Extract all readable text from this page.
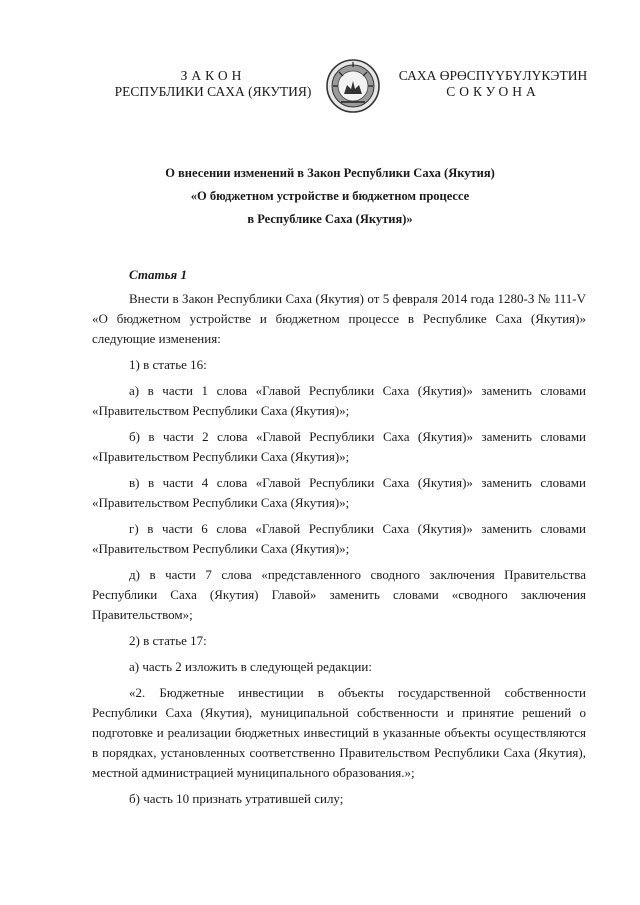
ЗАКОН
РЕСПУБЛИКИ САХА (ЯКУТИЯ)
САХА ӨРӨСПҮҮБҮЛҮКЭТИН
СОКУОНА
О внесении изменений в Закон Республики Саха (Якутия)
«О бюджетном устройстве и бюджетном процессе
в Республике Саха (Якутия)»
Статья 1
Внести в Закон Республики Саха (Якутия) от 5 февраля 2014 года 1280-З № 111-V «О бюджетном устройстве и бюджетном процессе в Республике Саха (Якутия)» следующие изменения:
1) в статье 16:
а) в части 1 слова «Главой Республики Саха (Якутия)» заменить словами «Правительством Республики Саха (Якутия)»;
б) в части 2 слова «Главой Республики Саха (Якутия)» заменить словами «Правительством Республики Саха (Якутия)»;
в) в части 4 слова «Главой Республики Саха (Якутия)» заменить словами «Правительством Республики Саха (Якутия)»;
г) в части 6 слова «Главой Республики Саха (Якутия)» заменить словами «Правительством Республики Саха (Якутия)»;
д) в части 7 слова «представленного сводного заключения Правительства Республики Саха (Якутия) Главой» заменить словами «сводного заключения Правительством»;
2) в статье 17:
а) часть 2 изложить в следующей редакции:
«2. Бюджетные инвестиции в объекты государственной собственности Республики Саха (Якутия), муниципальной собственности и принятие решений о подготовке и реализации бюджетных инвестиций в указанные объекты осуществляются в порядках, установленных соответственно Правительством Республики Саха (Якутия), местной администрацией муниципального образования.»;
б) часть 10 признать утратившей силу;
